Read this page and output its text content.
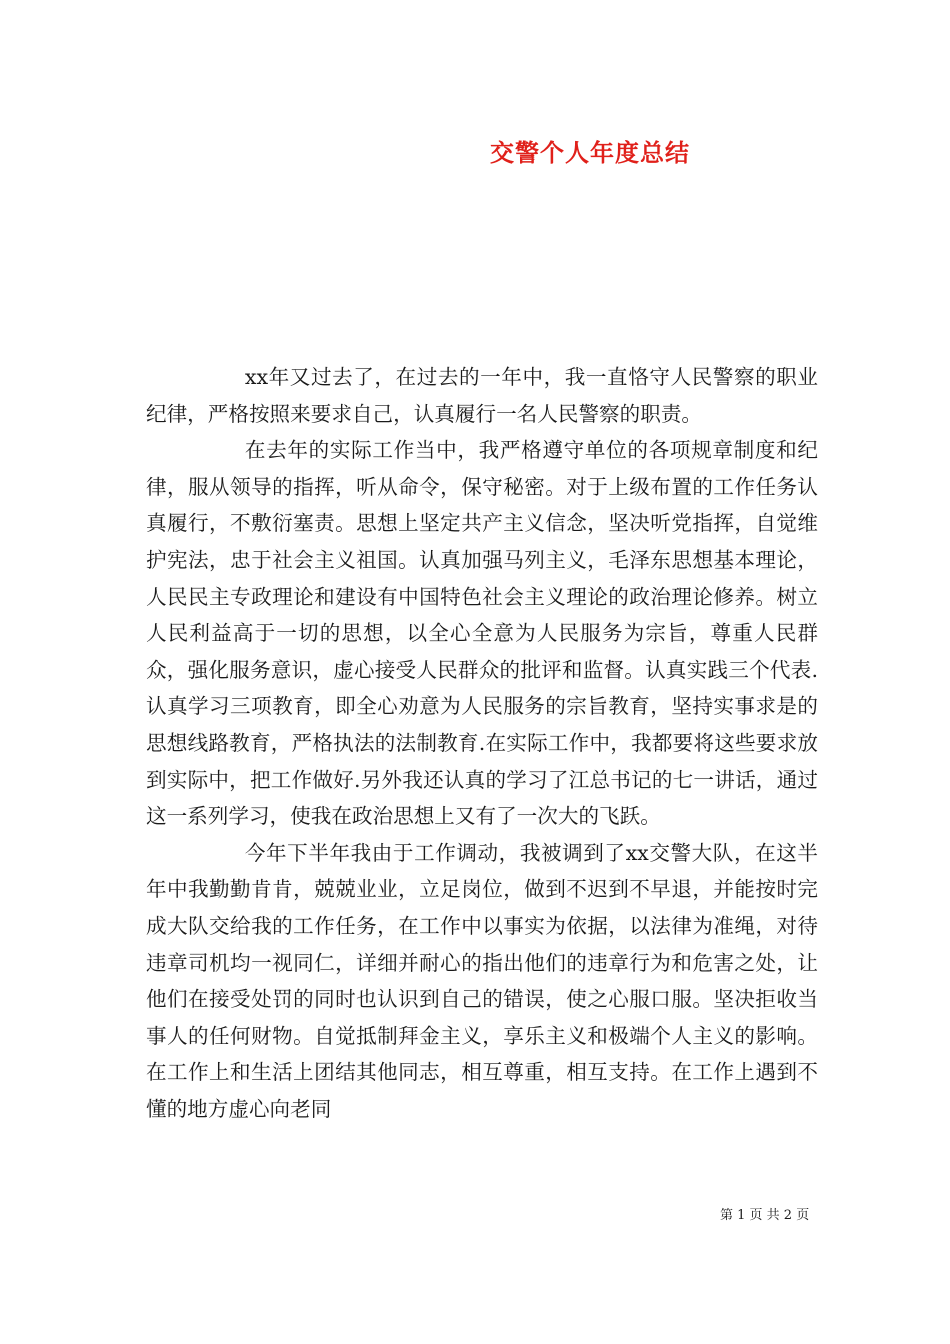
交警个人年度总结

xx年又过去了，在过去的一年中，我一直恪守人民警察的职业纪律，严格按照来要求自己，认真履行一名人民警察的职责。

在去年的实际工作当中，我严格遵守单位的各项规章制度和纪律，服从领导的指挥，听从命令，保守秘密。对于上级布置的工作任务认真履行，不敷衍塞责。思想上坚定共产主义信念，坚决听党指挥，自觉维护宪法，忠于社会主义祖国。认真加强马列主义，毛泽东思想基本理论，人民民主专政理论和建设有中国特色社会主义理论的政治理论修养。树立人民利益高于一切的思想，以全心全意为人民服务为宗旨，尊重人民群众，强化服务意识，虚心接受人民群众的批评和监督。认真实践三个代表.认真学习三项教育，即全心劝意为人民服务的宗旨教育，坚持实事求是的思想线路教育，严格执法的法制教育.在实际工作中，我都要将这些要求放到实际中，把工作做好.另外我还认真的学习了江总书记的七一讲话，通过这一系列学习，使我在政治思想上又有了一次大的飞跃。

今年下半年我由于工作调动，我被调到了xx交警大队，在这半年中我勤勤肯肯，兢兢业业，立足岗位，做到不迟到不早退，并能按时完成大队交给我的工作任务，在工作中以事实为依据，以法律为准绳，对待违章司机均一视同仁，详细并耐心的指出他们的违章行为和危害之处，让他们在接受处罚的同时也认识到自己的错误，使之心服口服。坚决拒收当事人的任何财物。自觉抵制拜金主义，享乐主义和极端个人主义的影响。在工作上和生活上团结其他同志，相互尊重，相互支持。在工作上遇到不懂的地方虚心向老同

第 1 页 共 2 页
